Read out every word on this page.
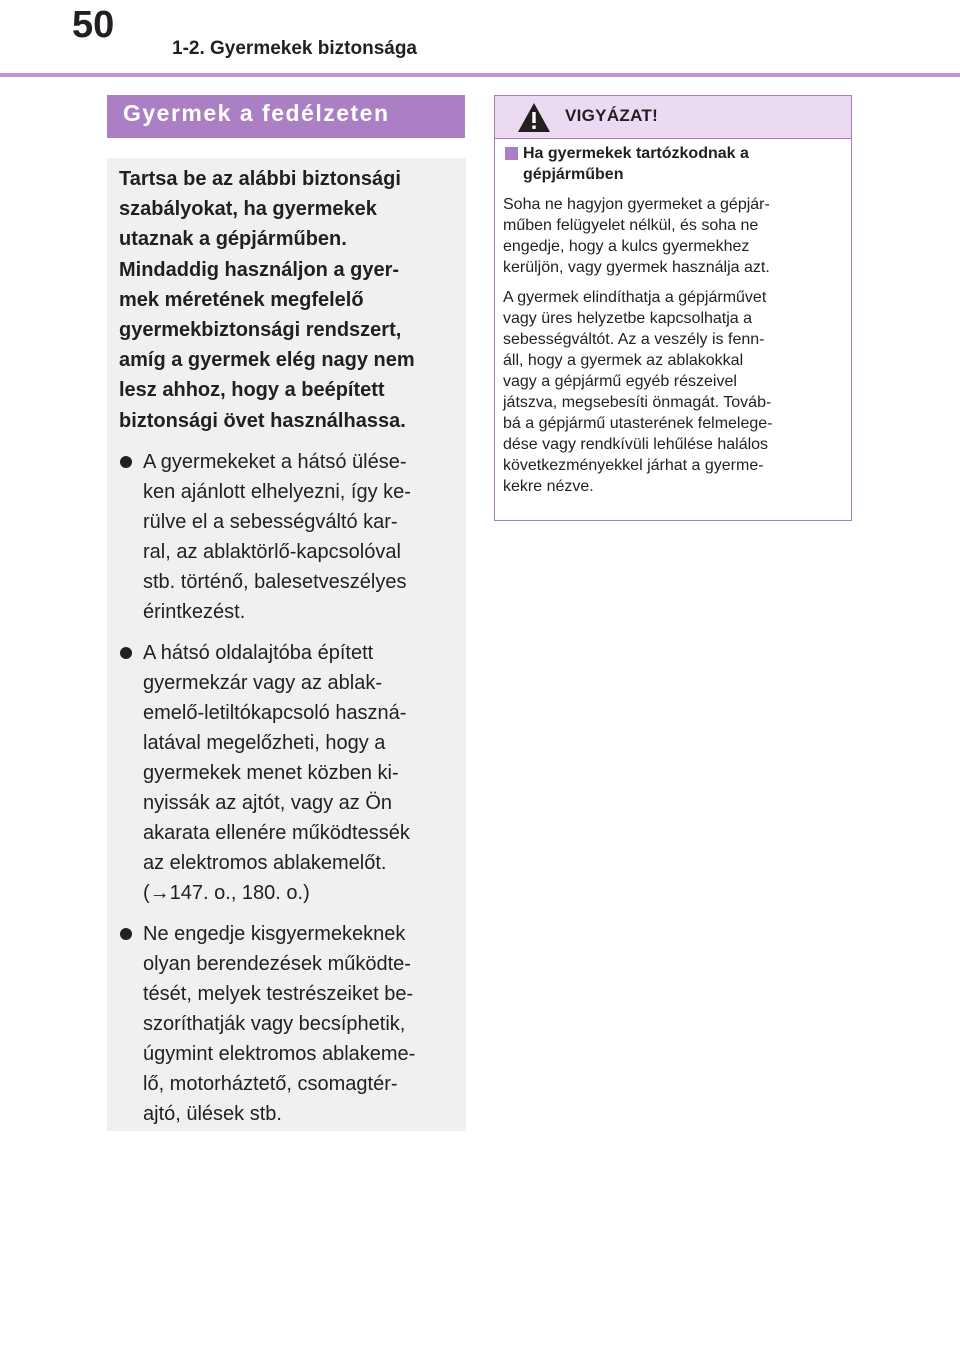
50
1-2. Gyermekek biztonsága
Gyermek a fedélzeten

Tartsa be az alábbi biztonsági
szabályokat, ha gyermekek
utaznak a gépjárműben.
Mindaddig használjon a gyer-
mek méretének megfelelő
gyermekbiztonsági rendszert,
amíg a gyermek elég nagy nem
lesz ahhoz, hogy a beépített
biztonsági övet használhassa.

A gyermekeket a hátsó ülése-
ken ajánlott elhelyezni, így ke-
rülve el a sebességváltó kar-
ral, az ablaktörlő-kapcsolóval
stb. történő, balesetveszélyes
érintkezést.
A hátsó oldalajtóba épített
gyermekzár vagy az ablak-
emelő-letiltókapcsoló haszná-
latával megelőzheti, hogy a
gyermekek menet közben ki-
nyissák az ajtót, vagy az Ön
akarata ellenére működtessék
az elektromos ablakemelőt.
(→147. o., 180. o.)
Ne engedje kisgyermekeknek
olyan berendezések működte-
tését, melyek testrészeiket be-
szoríthatják vagy becsíphetik,
úgymint elektromos ablakeme-
lő, motorháztető, csomagtér-
ajtó, ülések stb.
VIGYÁZAT!
Ha gyermekek tartózkodnak a
gépjárműben
Soha ne hagyjon gyermeket a gépjár-
műben felügyelet nélkül, és soha ne
engedje, hogy a kulcs gyermekhez
kerüljön, vagy gyermek használja azt.
A gyermek elindíthatja a gépjárművet
vagy üres helyzetbe kapcsolhatja a
sebességváltót. Az a veszély is fenn-
áll, hogy a gyermek az ablakokkal
vagy a gépjármű egyéb részeivel
játszva, megsebesíti önmagát. Továb-
bá a gépjármű utasterének felmelege-
dése vagy rendkívüli lehűlése halálos
következményekkel járhat a gyerme-
kekre nézve.
